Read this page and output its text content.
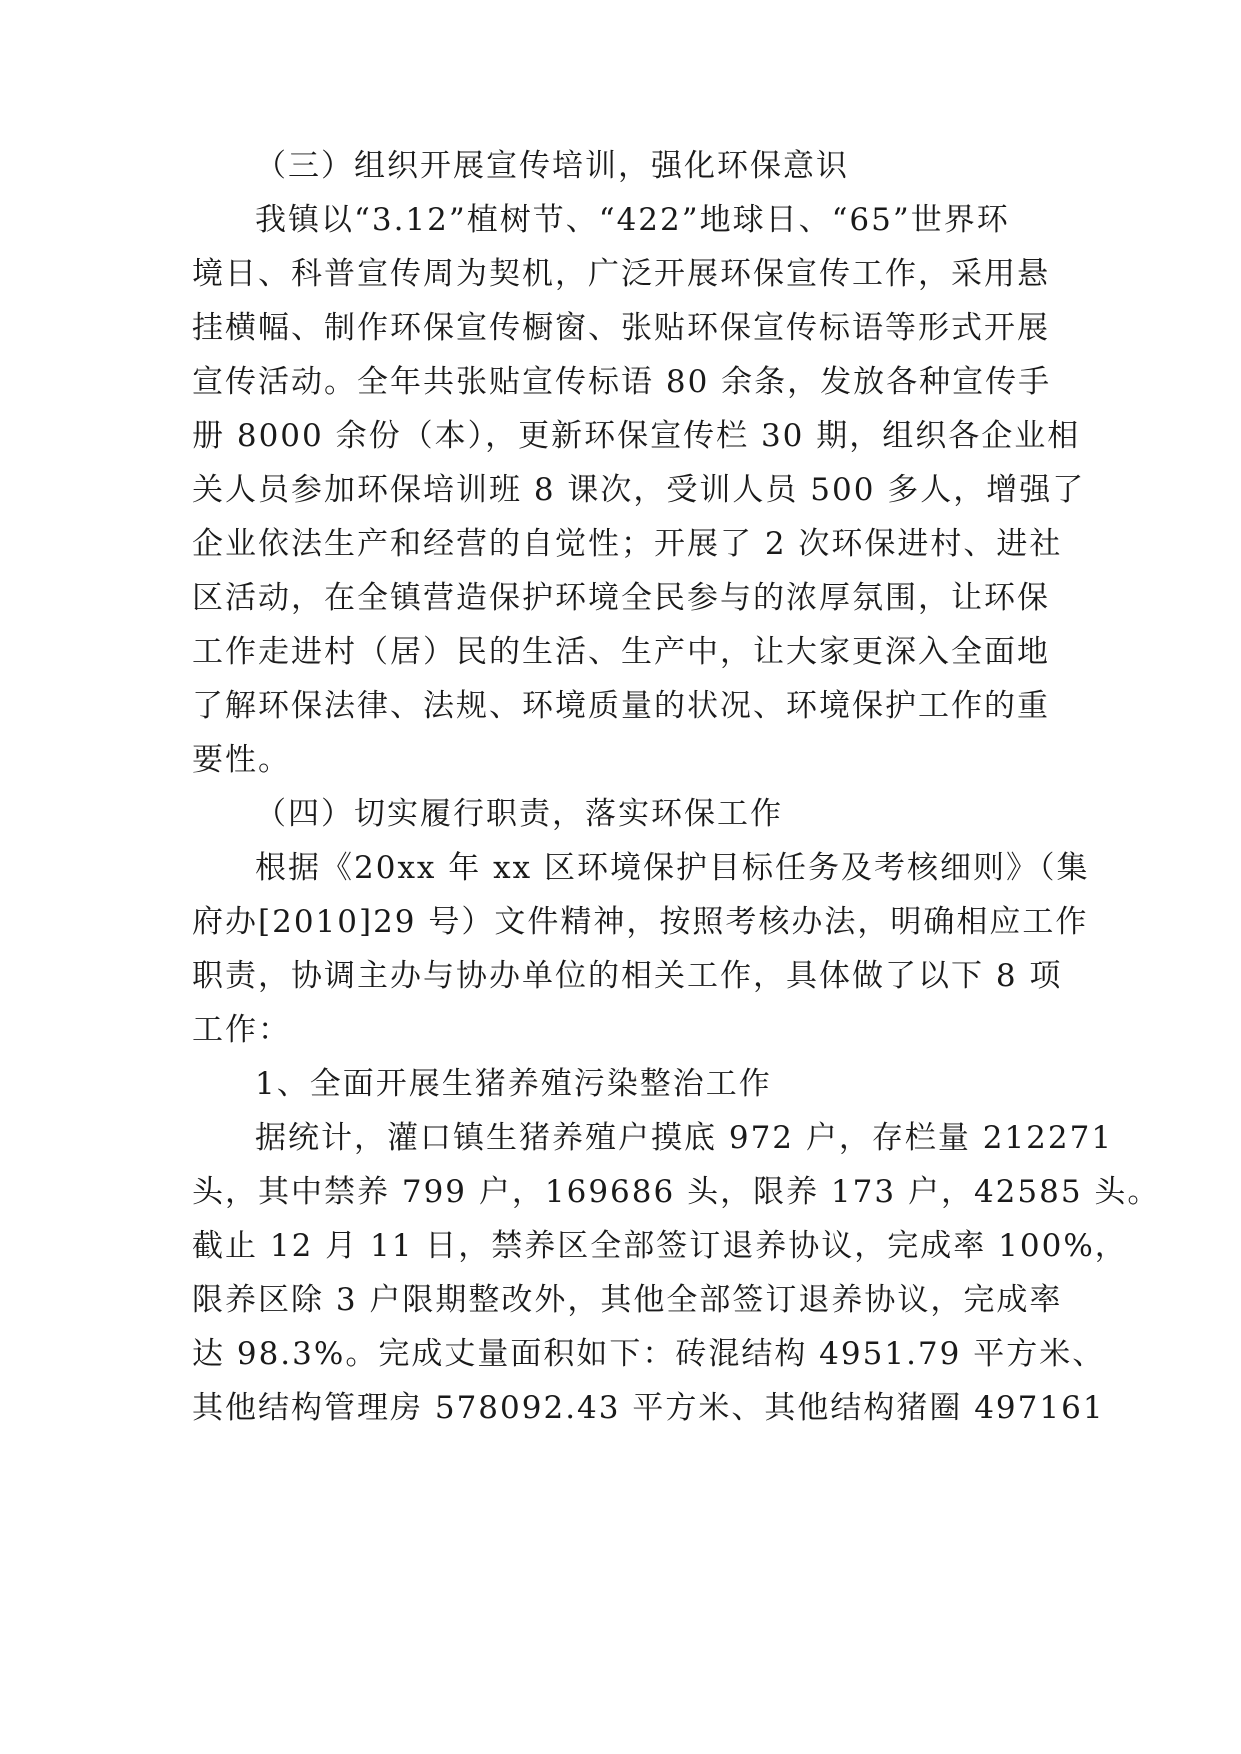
（三）组织开展宣传培训，强化环保意识
我镇以“3.12”植树节、“422”地球日、“65”世界环
境日、科普宣传周为契机，广泛开展环保宣传工作，采用悬
挂横幅、制作环保宣传橱窗、张贴环保宣传标语等形式开展
宣传活动。全年共张贴宣传标语 80 余条，发放各种宣传手
册 8000 余份（本），更新环保宣传栏 30 期，组织各企业相
关人员参加环保培训班 8 课次，受训人员 500 多人，增强了
企业依法生产和经营的自觉性；开展了 2 次环保进村、进社
区活动，在全镇营造保护环境全民参与的浓厚氛围，让环保
工作走进村（居）民的生活、生产中，让大家更深入全面地
了解环保法律、法规、环境质量的状况、环境保护工作的重
要性。
（四）切实履行职责，落实环保工作
根据《20xx 年 xx 区环境保护目标任务及考核细则》（集
府办[2010]29 号）文件精神，按照考核办法，明确相应工作
职责，协调主办与协办单位的相关工作，具体做了以下 8 项
工作：
1、全面开展生猪养殖污染整治工作
据统计，灌口镇生猪养殖户摸底 972 户，存栏量 212271
头，其中禁养 799 户，169686 头，限养 173 户，42585 头。
截止 12 月 11 日，禁养区全部签订退养协议，完成率 100%，
限养区除 3 户限期整改外，其他全部签订退养协议，完成率
达 98.3%。完成丈量面积如下：砖混结构 4951.79 平方米、
其他结构管理房 578092.43 平方米、其他结构猪圈 497161
